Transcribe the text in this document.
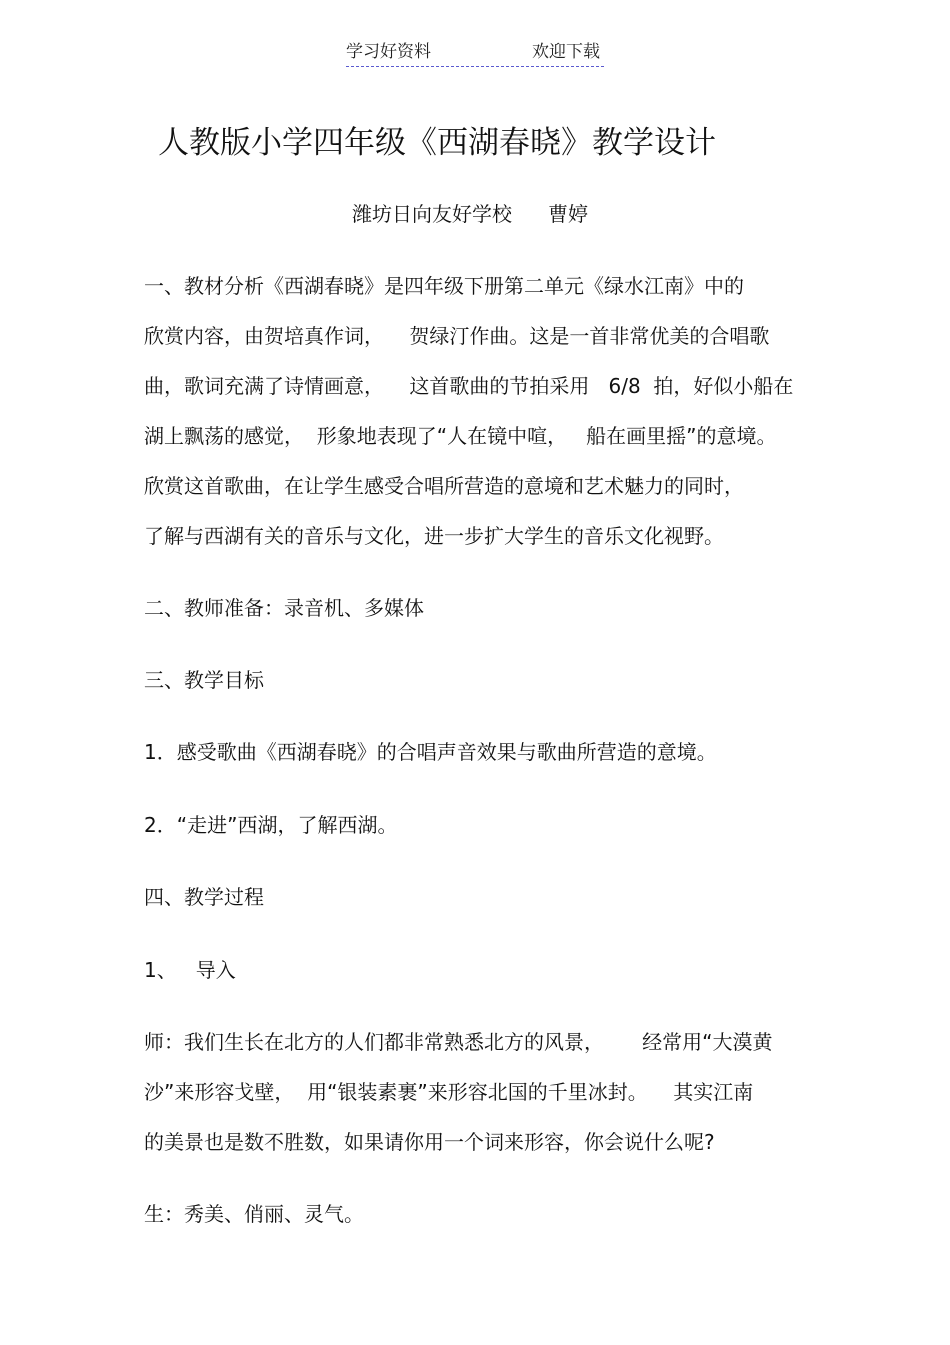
学习好资料	欢迎下载
人教版小学四年级《西湖春晓》教学设计
潍坊日向友好学校 曹婷
一、教材分析《西湖春晓》是四年级下册第二单元《绿水江南》中的
欣赏内容，由贺培真作词，    贺绿汀作曲。这是一首非常优美的合唱歌
曲，歌词充满了诗情画意，    这首歌曲的节拍采用   6/8  拍，好似小船在
湖上飘荡的感觉，  形象地表现了“人在镜中喧，   船在画里摇”的意境。
欣赏这首歌曲，在让学生感受合唱所营造的意境和艺术魅力的同时，
了解与西湖有关的音乐与文化，进一步扩大学生的音乐文化视野。
二、教师准备：录音机、多媒体
三、教学目标
1．感受歌曲《西湖春晓》的合唱声音效果与歌曲所营造的意境。
2．“走进”西湖，了解西湖。
四、教学过程
1、   导入
师：我们生长在北方的人们都非常熟悉北方的风景，      经常用“大漠黄
沙”来形容戈壁，  用“银装素裹”来形容北国的千里冰封。    其实江南
的美景也是数不胜数，如果请你用一个词来形容，你会说什么呢?
生：秀美、俏丽、灵气。
